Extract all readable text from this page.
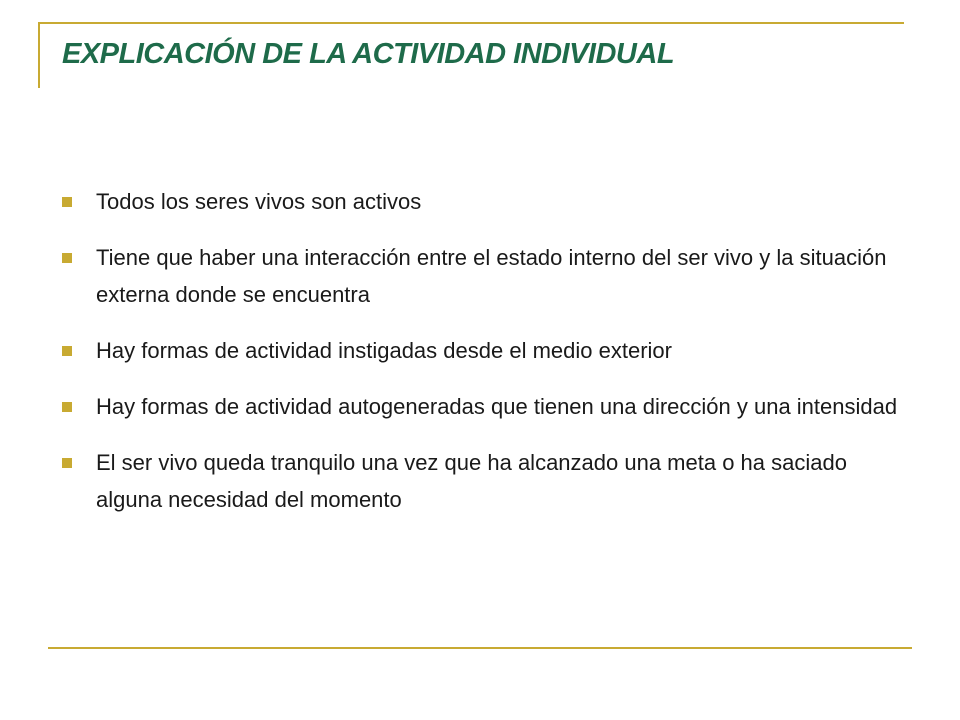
EXPLICACIÓN DE LA ACTIVIDAD INDIVIDUAL
Todos los seres vivos son activos
Tiene que haber una interacción entre el estado interno del ser vivo y la situación externa donde se encuentra
Hay formas de actividad instigadas desde el medio exterior
Hay formas de actividad autogeneradas que tienen una dirección y una intensidad
El ser vivo queda tranquilo una vez que ha alcanzado una meta o ha saciado alguna necesidad del momento
